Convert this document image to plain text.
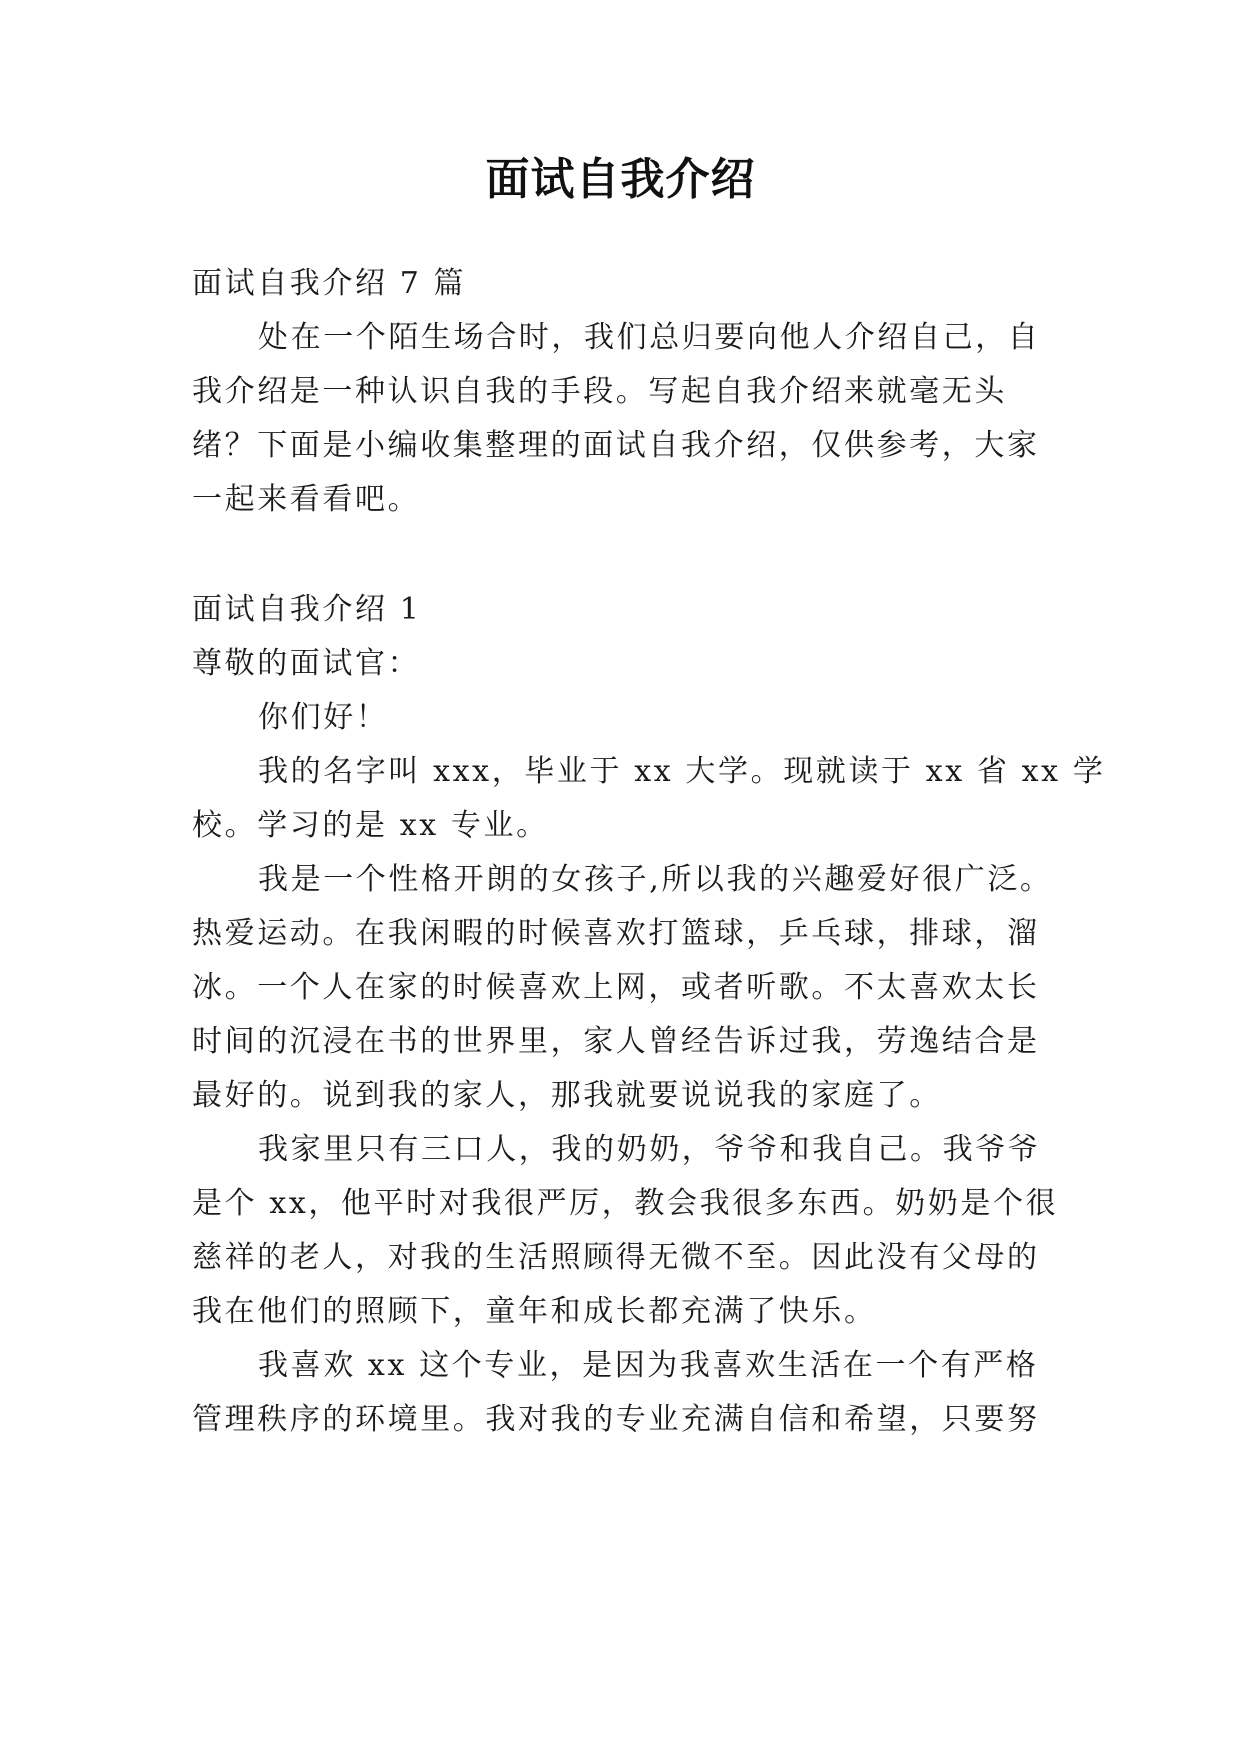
面试自我介绍
面试自我介绍 7 篇
处在一个陌生场合时，我们总归要向他人介绍自己，自
我介绍是一种认识自我的手段。写起自我介绍来就毫无头
绪？下面是小编收集整理的面试自我介绍，仅供参考，大家
一起来看看吧。
面试自我介绍 1
尊敬的面试官：
你们好！
我的名字叫 xxx，毕业于 xx 大学。现就读于 xx 省 xx 学
校。学习的是 xx 专业。
我是一个性格开朗的女孩子,所以我的兴趣爱好很广泛。
热爱运动。在我闲暇的时候喜欢打篮球，乒乓球，排球，溜
冰。一个人在家的时候喜欢上网，或者听歌。不太喜欢太长
时间的沉浸在书的世界里，家人曾经告诉过我，劳逸结合是
最好的。说到我的家人，那我就要说说我的家庭了。
我家里只有三口人，我的奶奶，爷爷和我自己。我爷爷
是个 xx，他平时对我很严厉，教会我很多东西。奶奶是个很
慈祥的老人，对我的生活照顾得无微不至。因此没有父母的
我在他们的照顾下，童年和成长都充满了快乐。
我喜欢 xx 这个专业，是因为我喜欢生活在一个有严格
管理秩序的环境里。我对我的专业充满自信和希望，只要努
